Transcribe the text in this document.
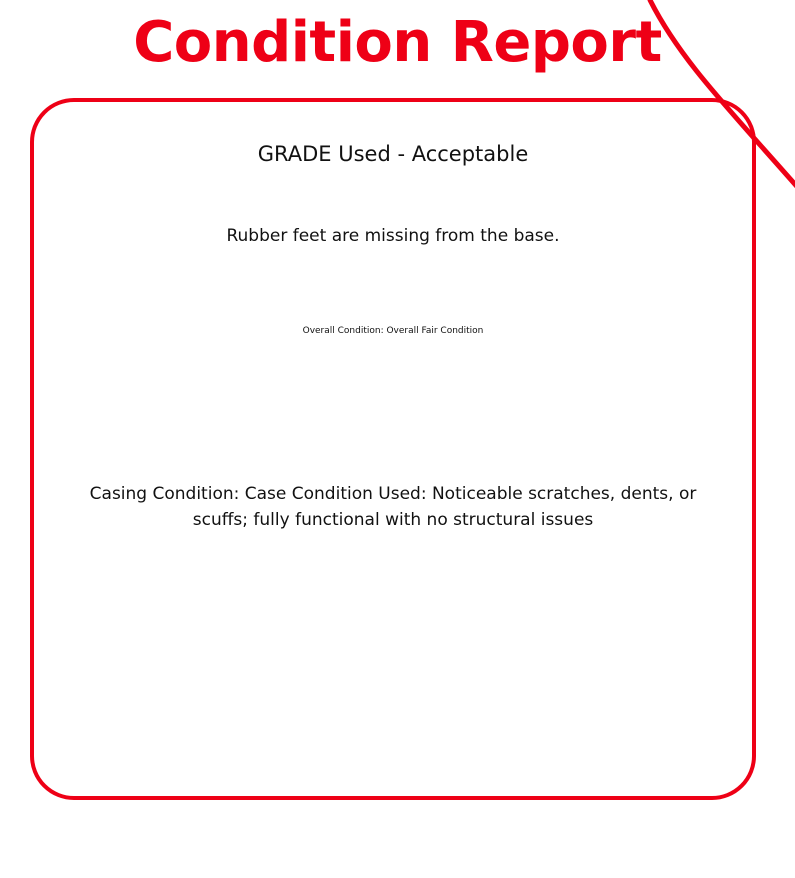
Condition Report
GRADE Used - Acceptable
Rubber feet are missing from the base.
Overall Condition: Overall Fair Condition
Casing Condition: Case Condition Used: Noticeable scratches, dents, or scuffs; fully functional with no structural issues
